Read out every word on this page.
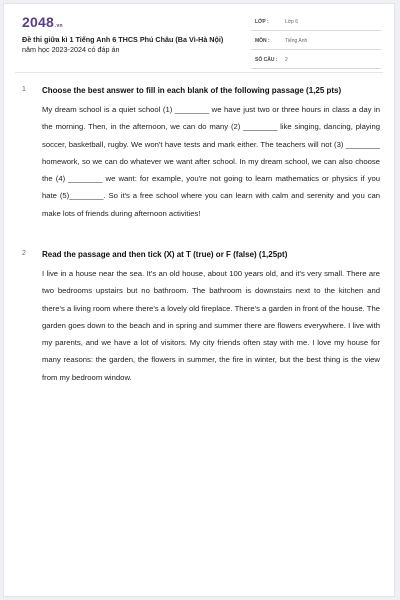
2048.vn
Đề thi giữa kì 1 Tiếng Anh 6 THCS Phú Châu (Ba Vì-Hà Nội)
năm học 2023-2024 có đáp án
LỚP :	Lớp 6
MÔN :	Tiếng Anh
SỐ CÂU : 2
1 Choose the best answer to fill in each blank of the following passage (1,25 pts)
My dream school is a quiet school (1) ________ we have just two or three hours in class a day in the morning. Then, in the afternoon, we can do many (2) ________ like singing, dancing, playing soccer, basketball, rugby. We won't have tests and mark either. The teachers will not (3) ________ homework, so we can do whatever we want after school. In my dream school, we can also choose the (4) ________ we want: for example, you're not going to learn mathematics or physics if you hate (5)________. So it's a free school where you can learn with calm and serenity and you can make lots of friends during afternoon activities!
2 Read the passage and then tick (X) at T (true) or F (false) (1,25pt)
I live in a house near the sea. It's an old house, about 100 years old, and it's very small. There are two bedrooms upstairs but no bathroom. The bathroom is downstairs next to the kitchen and there's a living room where there's a lovely old fireplace. There's a garden in front of the house. The garden goes down to the beach and in spring and summer there are flowers everywhere. I live with my parents, and we have a lot of visitors. My city friends often stay with me. I love my house for many reasons: the garden, the flowers in summer, the fire in winter, but the best thing is the view from my bedroom window.
